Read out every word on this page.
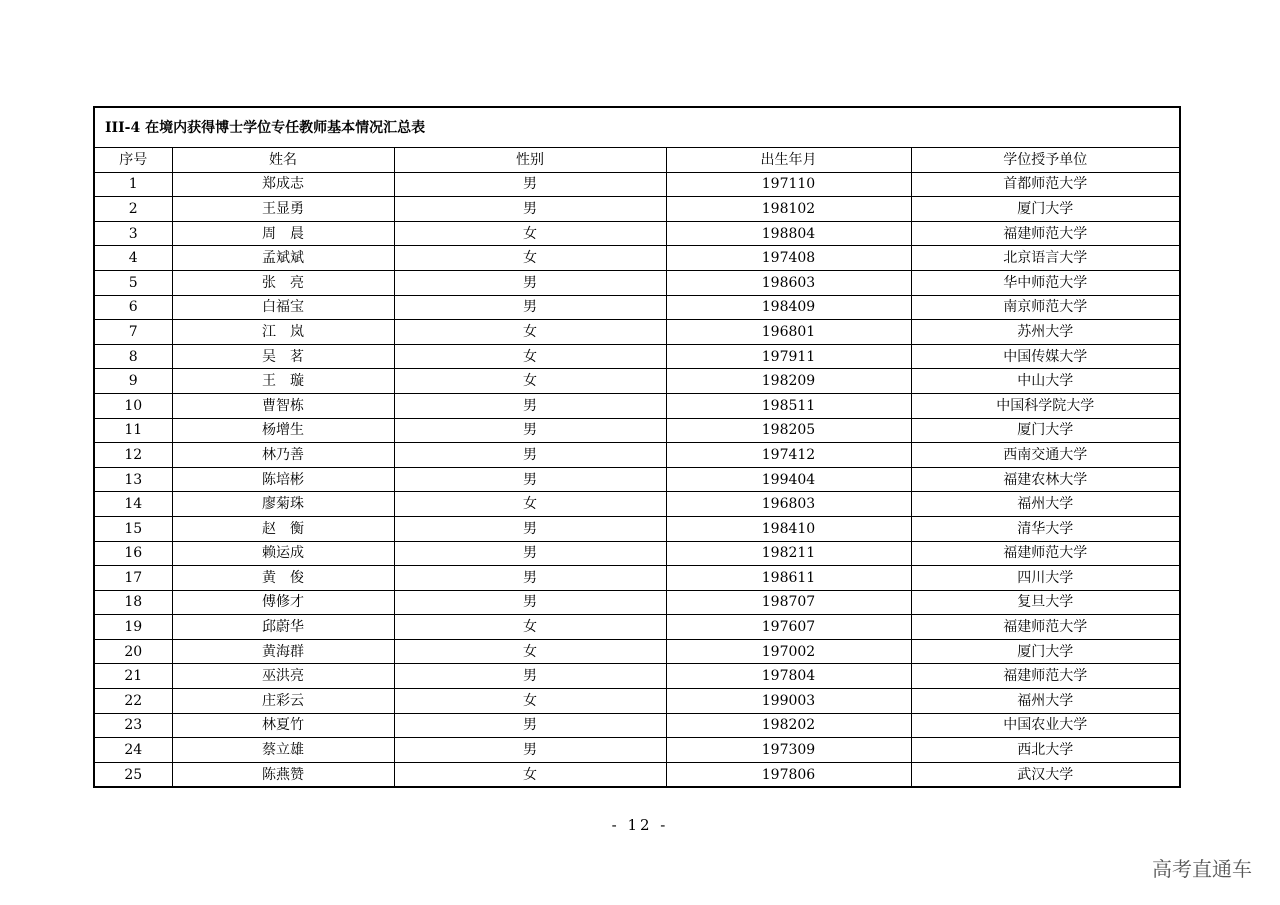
III-4 在境内获得博士学位专任教师基本情况汇总表				
序号	姓名	性别	出生年月	学位授予单位
1	郑成志	男	197110	首都师范大学
2	王显勇	男	198102	厦门大学
3	周　晨	女	198804	福建师范大学
4	孟斌斌	女	197408	北京语言大学
5	张　亮	男	198603	华中师范大学
6	白福宝	男	198409	南京师范大学
7	江　岚	女	196801	苏州大学
8	吴　茗	女	197911	中国传媒大学
9	王　璇	女	198209	中山大学
10	曹智栋	男	198511	中国科学院大学
11	杨增生	男	198205	厦门大学
12	林乃善	男	197412	西南交通大学
13	陈培彬	男	199404	福建农林大学
14	廖菊珠	女	196803	福州大学
15	赵　衡	男	198410	清华大学
16	赖运成	男	198211	福建师范大学
17	黄　俊	男	198611	四川大学
18	傅修才	男	198707	复旦大学
19	邱蔚华	女	197607	福建师范大学
20	黄海群	女	197002	厦门大学
21	巫洪亮	男	197804	福建师范大学
22	庄彩云	女	199003	福州大学
23	林夏竹	男	198202	中国农业大学
24	蔡立雄	男	197309	西北大学
25	陈燕赞	女	197806	武汉大学
- 12 -
高考直通车
